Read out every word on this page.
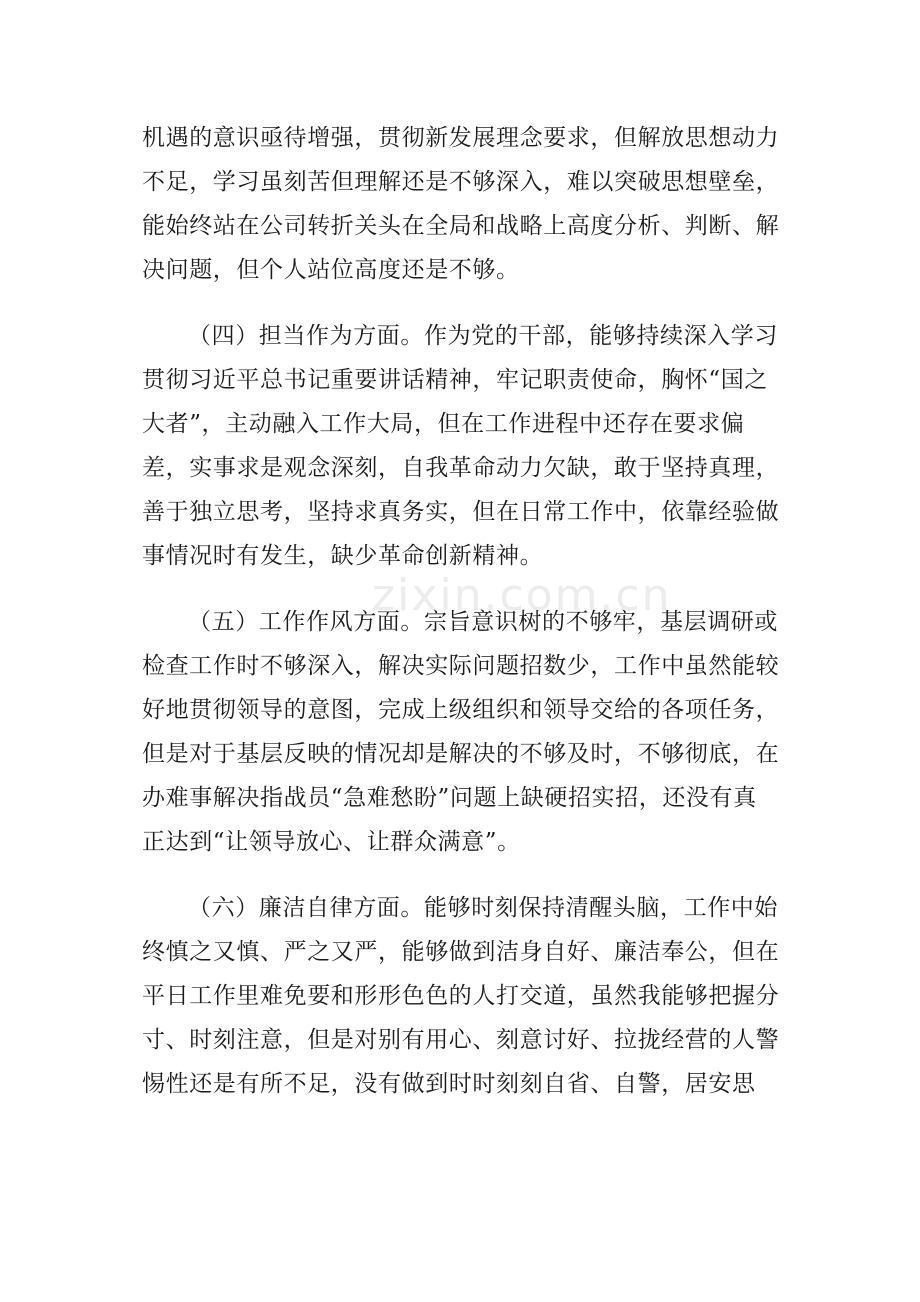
zixin.com.cn
机遇的意识亟待增强，贯彻新发展理念要求，但解放思想动力
不足，学习虽刻苦但理解还是不够深入，难以突破思想壁垒，
能始终站在公司转折关头在全局和战略上高度分析、判断、解
决问题，但个人站位高度还是不够。
（四）担当作为方面。作为党的干部，能够持续深入学习
贯彻习近平总书记重要讲话精神，牢记职责使命，胸怀“国之
大者”，主动融入工作大局，但在工作进程中还存在要求偏
差，实事求是观念深刻，自我革命动力欠缺，敢于坚持真理，
善于独立思考，坚持求真务实，但在日常工作中，依靠经验做
事情况时有发生，缺少革命创新精神。
（五）工作作风方面。宗旨意识树的不够牢，基层调研或
检查工作时不够深入，解决实际问题招数少，工作中虽然能较
好地贯彻领导的意图，完成上级组织和领导交给的各项任务，
但是对于基层反映的情况却是解决的不够及时，不够彻底，在
办难事解决指战员“急难愁盼”问题上缺硬招实招，还没有真
正达到“让领导放心、让群众满意”。
（六）廉洁自律方面。能够时刻保持清醒头脑，工作中始
终慎之又慎、严之又严，能够做到洁身自好、廉洁奉公，但在
平日工作里难免要和形形色色的人打交道，虽然我能够把握分
寸、时刻注意，但是对别有用心、刻意讨好、拉拢经营的人警
惕性还是有所不足，没有做到时时刻刻自省、自警，居安思
